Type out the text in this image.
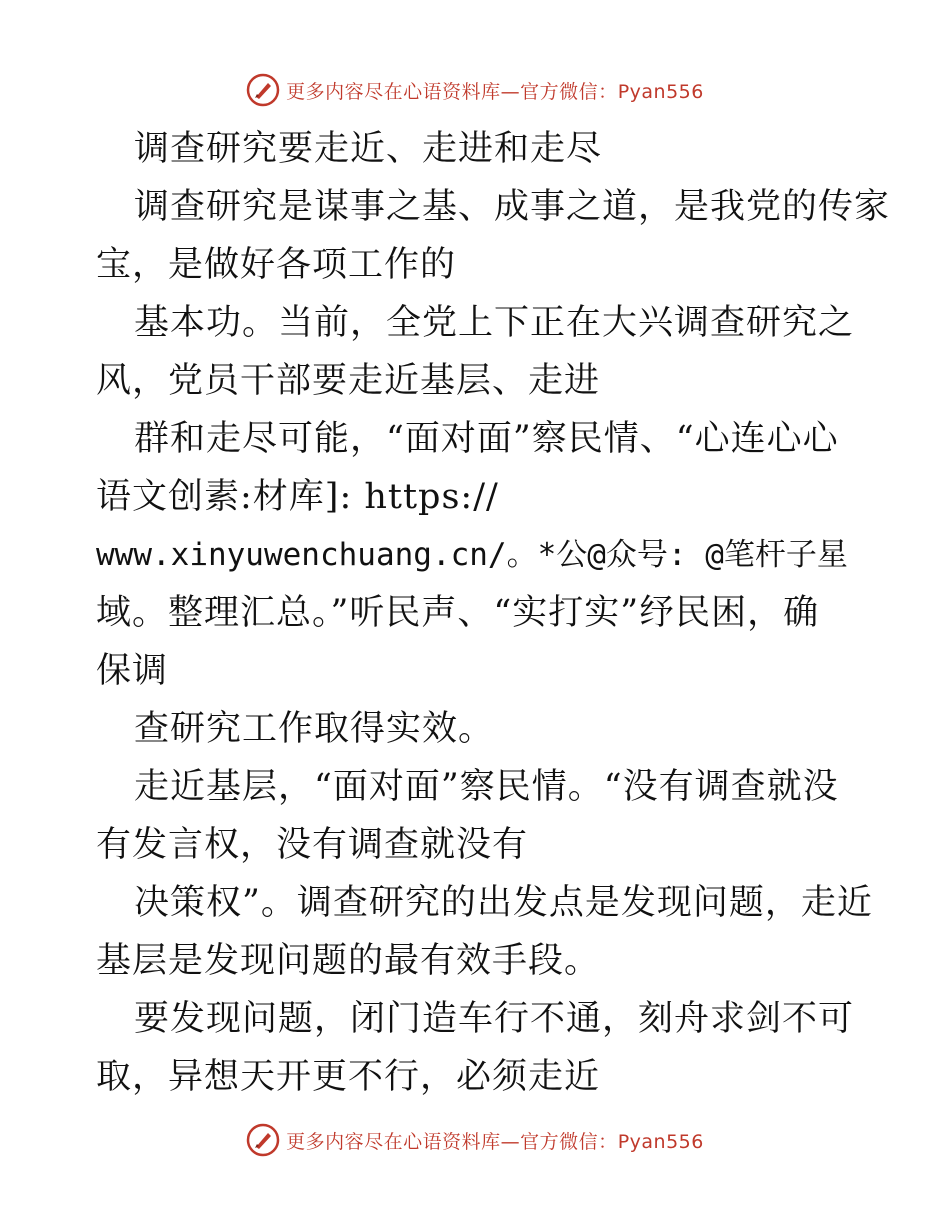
更多内容尽在心语资料库—官方微信：Pyan556
调查研究要走近、走进和走尽
调查研究是谋事之基、成事之道，是我党的传家
宝，是做好各项工作的
基本功。当前，全党上下正在大兴调查研究之
风，党员干部要走近基层、走进
群和走尽可能，“面对面”察民情、“心连心心
语文创素:材库]: https://
www.xinyuwenchuang.cn/。*公@众号: @笔杆子星
域。整理汇总。”听民声、“实打实”纾民困，确
保调
查研究工作取得实效。
走近基层，“面对面”察民情。“没有调查就没
有发言权，没有调查就没有
决策权”。调查研究的出发点是发现问题，走近
基层是发现问题的最有效手段。
要发现问题，闭门造车行不通，刻舟求剑不可
取，异想天开更不行，必须走近
更多内容尽在心语资料库—官方微信：Pyan556
